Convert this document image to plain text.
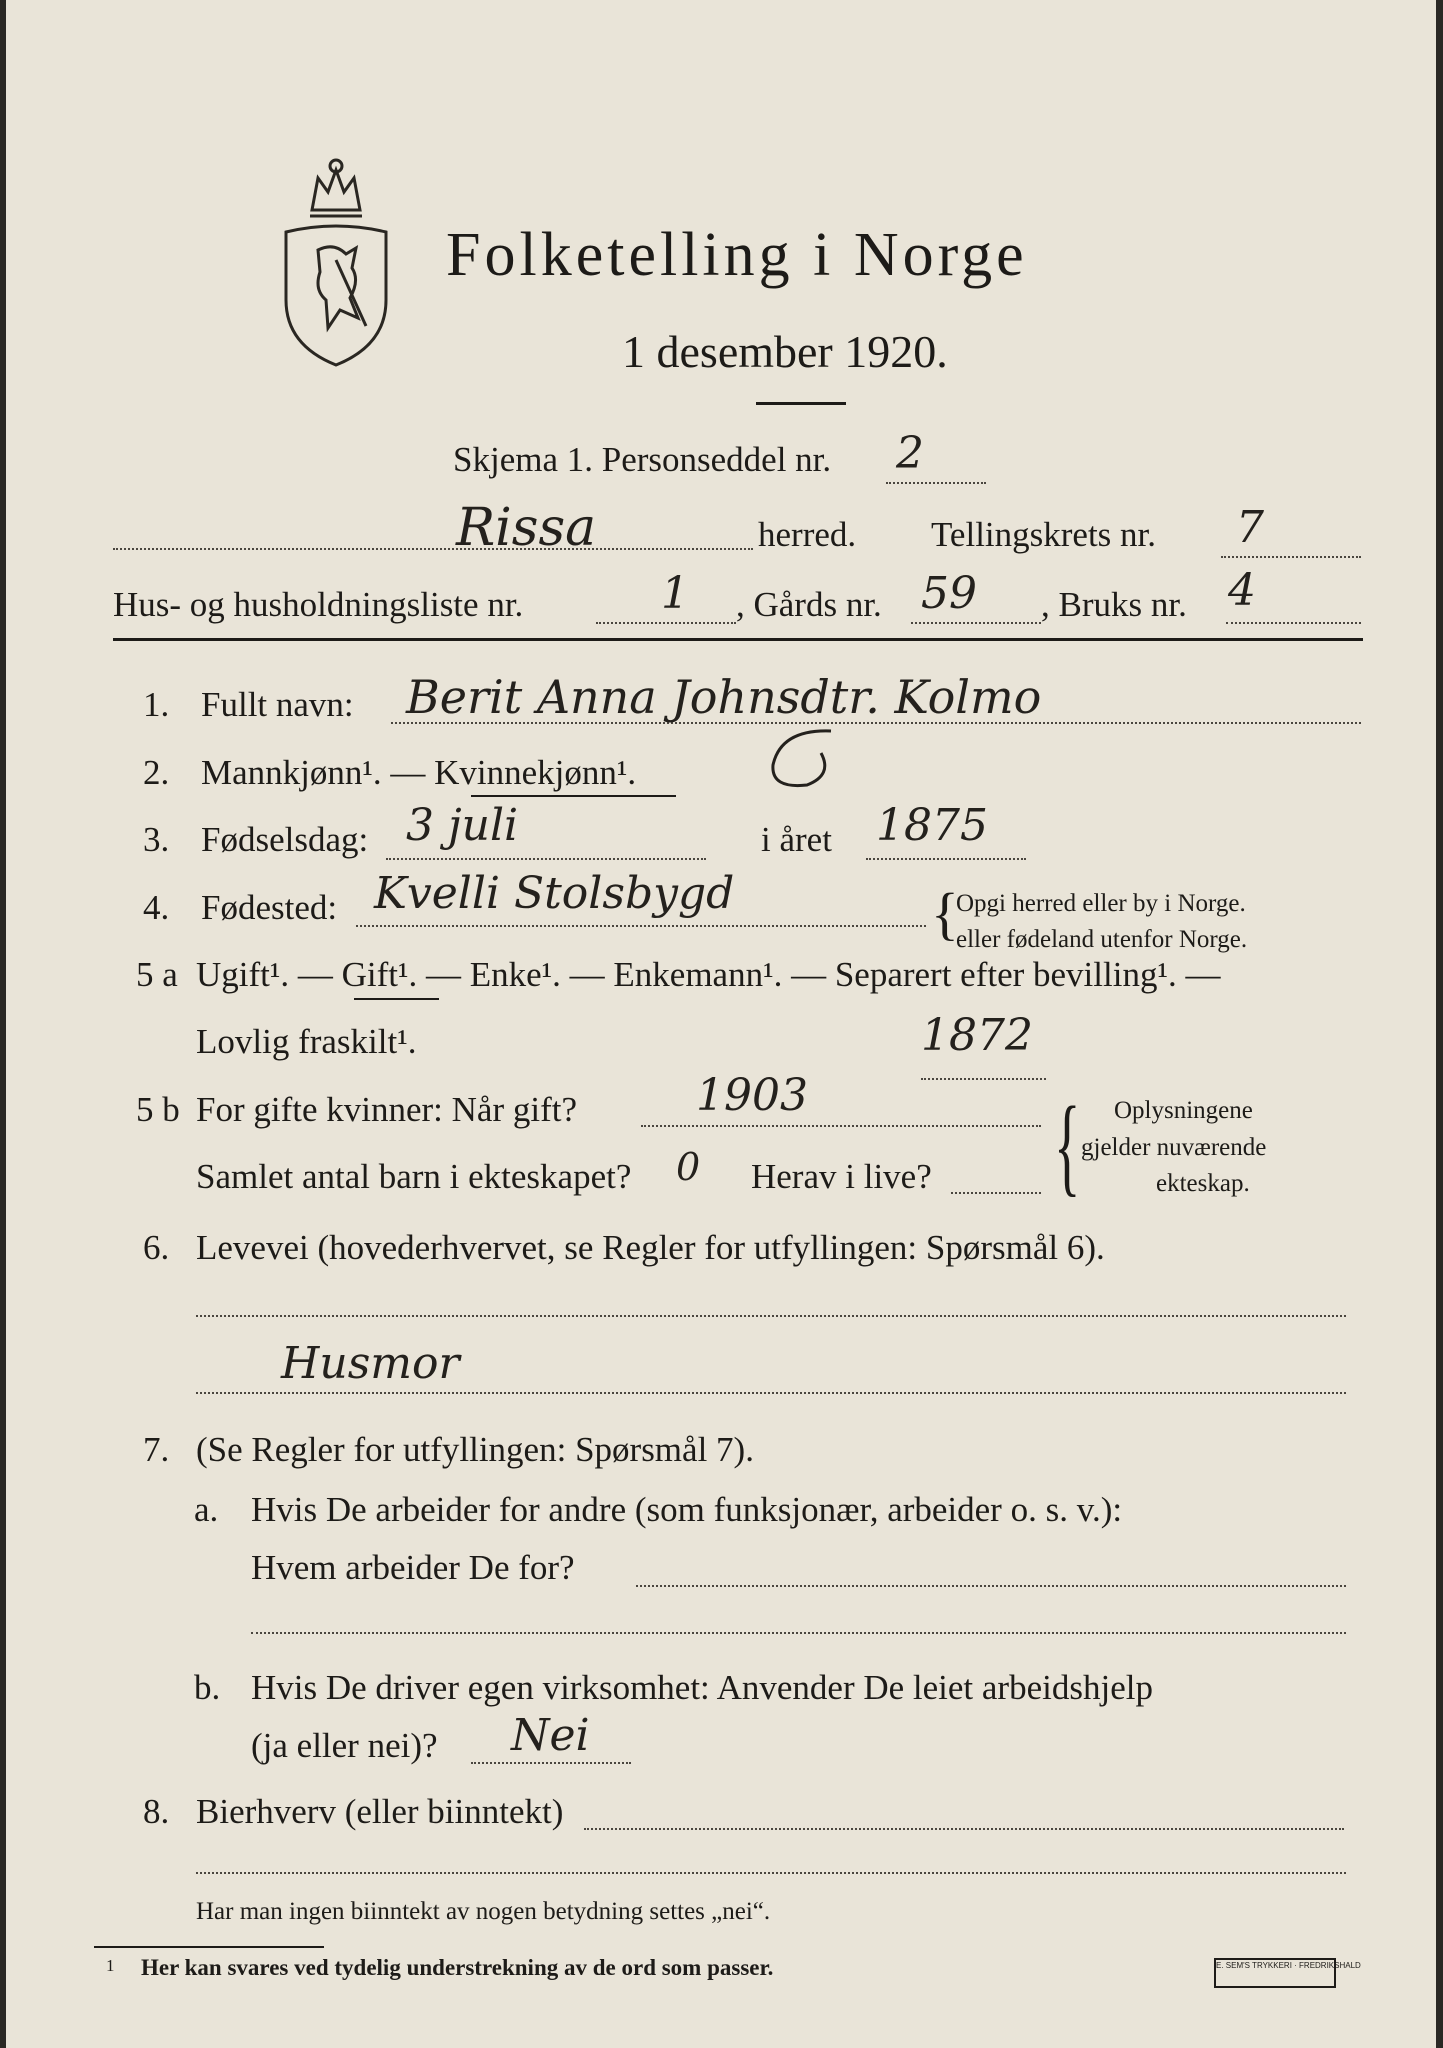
Folketelling i Norge
1 desember 1920.
Skjema 1. Personseddel nr. 2
Rissa	herred. Tellingskrets nr. 7
Hus- og husholdningsliste nr.	1 , Gårds nr. 59 , Bruks nr. 4
1. Fullt navn: Berit Anna Johnsdtr. Kolmo
2. Mannkjønn¹. — Kvinnekjønn¹.
3. Fødselsdag: 3 juli	i året 1875
4. Fødested: Kvelli Stolsbygd	{
Opgi herred eller by i Norge.
eller fødeland utenfor Norge.
5 a Ugift¹. — Gift¹. — Enke¹. — Enkemann¹. — Separert efter bevilling¹. —
Lovlig fraskilt¹.	1872
5 b For gifte kvinner: Når gift?	1903
Samlet antal barn i ekteskapet? 0 Herav i live? { Oplysningene
gjelder nuværende
ekteskap.
6. Levevei (hovederhvervet, se Regler for utfyllingen: Spørsmål 6).
Husmor
7. (Se Regler for utfyllingen: Spørsmål 7).
a. Hvis De arbeider for andre (som funksjonær, arbeider o. s. v.):
Hvem arbeider De for?
b. Hvis De driver egen virksomhet: Anvender De leiet arbeidshjelp
(ja eller nei)? Nei
8. Bierhverv (eller biinntekt)
Har man ingen biinntekt av nogen betydning settes „nei“.
1 Her kan svares ved tydelig understrekning av de ord som passer.	E. SEM'S TRYKKERI · FREDRIKSHALD
